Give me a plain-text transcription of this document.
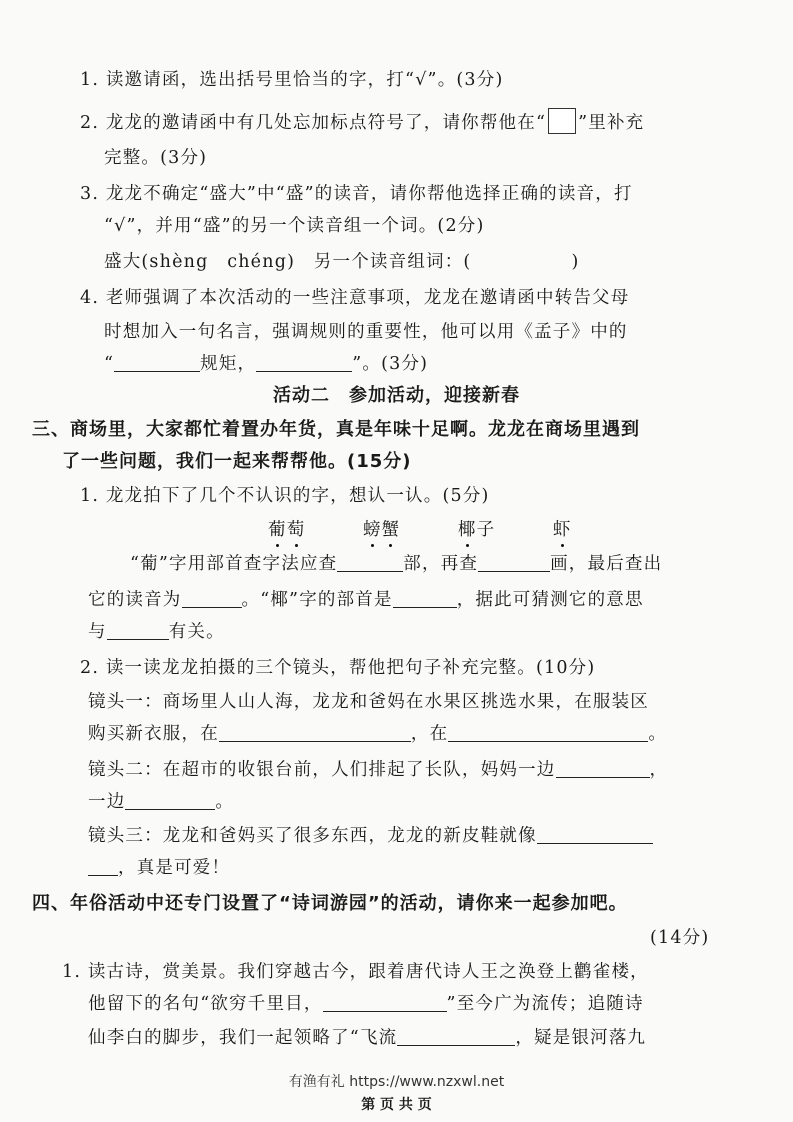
1. 读邀请函，选出括号里恰当的字，打“√”。(3分)
2. 龙龙的邀请函中有几处忘加标点符号了，请你帮他在“ ”里补充
完整。(3分)
3. 龙龙不确定“盛大”中“盛”的读音，请你帮他选择正确的读音，打
“√”，并用“盛”的另一个读音组一个词。(2分)
盛大(shèng　chéng)　另一个读音组词：(	)
4. 老师强调了本次活动的一些注意事项，龙龙在邀请函中转告父母
时想加入一句名言，强调规则的重要性，他可以用《孟子》中的
“	规矩，	”。(3分)
活动二　参加活动，迎接新春
三、商场里，大家都忙着置办年货，真是年味十足啊。龙龙在商场里遇到
了一些问题，我们一起来帮帮他。(15分)
1. 龙龙拍下了几个不认识的字，想认一认。(5分)
葡萄	螃蟹	椰子	虾
“葡”字用部首查字法应查	部，再查	画，最后查出
它的读音为	。“椰”字的部首是	，据此可猜测它的意思
与	有关。
2. 读一读龙龙拍摄的三个镜头，帮他把句子补充完整。(10分)
镜头一：商场里人山人海，龙龙和爸妈在水果区挑选水果，在服装区
购买新衣服，在	，在	。
镜头二：在超市的收银台前，人们排起了长队，妈妈一边	，
一边	。
镜头三：龙龙和爸妈买了很多东西，龙龙的新皮鞋就像
，真是可爱！
四、年俗活动中还专门设置了“诗词游园”的活动，请你来一起参加吧。
(14分)
1. 读古诗，赏美景。我们穿越古今，跟着唐代诗人王之涣登上鹳雀楼，
他留下的名句“欲穷千里目，	”至今广为流传；追随诗
仙李白的脚步，我们一起领略了“飞流	，疑是银河落九
有渔有礼 https://www.nzxwl.net
第 页 共 页
